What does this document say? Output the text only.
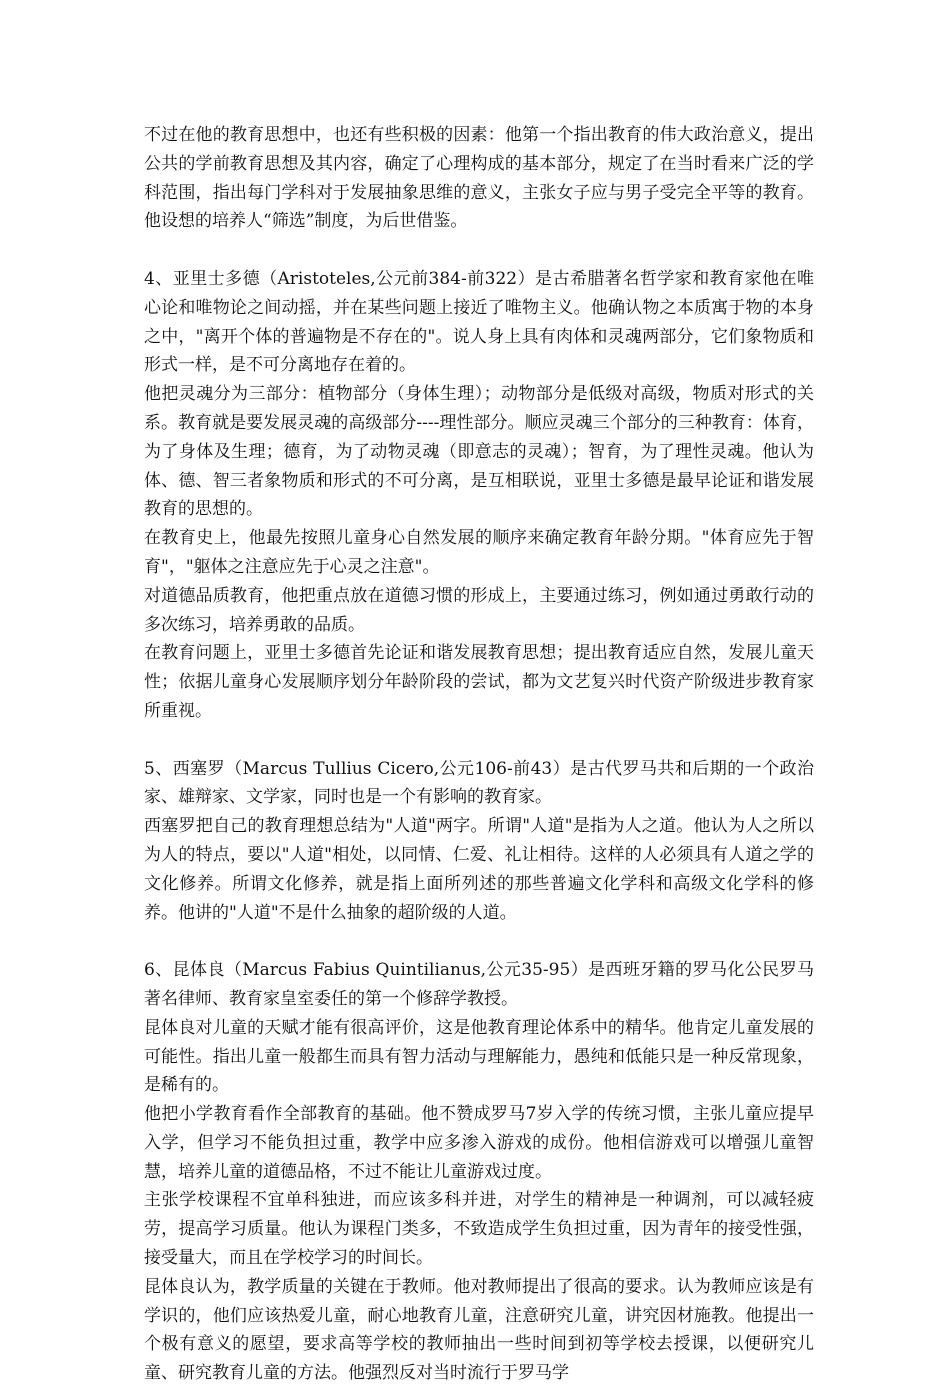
不过在他的教育思想中，也还有些积极的因素：他第一个指出教育的伟大政治意义，提出公共的学前教育思想及其内容，确定了心理构成的基本部分，规定了在当时看来广泛的学科范围，指出每门学科对于发展抽象思维的意义，主张女子应与男子受完全平等的教育。他设想的培养人“筛选”制度，为后世借鉴。

4、亚里士多德（Aristoteles,公元前384-前322）是古希腊著名哲学家和教育家他在唯心论和唯物论之间动摇，并在某些问题上接近了唯物主义。他确认物之本质寓于物的本身之中，"离开个体的普遍物是不存在的"。说人身上具有肉体和灵魂两部分，它们象物质和形式一样，是不可分离地存在着的。

他把灵魂分为三部分：植物部分（身体生理）；动物部分是低级对高级，物质对形式的关系。教育就是要发展灵魂的高级部分----理性部分。顺应灵魂三个部分的三种教育：体育，为了身体及生理；德育，为了动物灵魂（即意志的灵魂）；智育，为了理性灵魂。他认为体、德、智三者象物质和形式的不可分离，是互相联说，亚里士多德是最早论证和谐发展教育的思想的。

在教育史上，他最先按照儿童身心自然发展的顺序来确定教育年龄分期。"体育应先于智育"，"躯体之注意应先于心灵之注意"。

对道德品质教育，他把重点放在道德习惯的形成上，主要通过练习，例如通过勇敢行动的多次练习，培养勇敢的品质。

在教育问题上，亚里士多德首先论证和谐发展教育思想；提出教育适应自然，发展儿童天性；依据儿童身心发展顺序划分年龄阶段的尝试，都为文艺复兴时代资产阶级进步教育家所重视。

5、西塞罗（Marcus Tullius Cicero,公元106-前43）是古代罗马共和后期的一个政治家、雄辩家、文学家，同时也是一个有影响的教育家。

西塞罗把自己的教育理想总结为"人道"两字。所谓"人道"是指为人之道。他认为人之所以为人的特点，要以"人道"相处，以同情、仁爱、礼让相待。这样的人必须具有人道之学的文化修养。所谓文化修养，就是指上面所列述的那些普遍文化学科和高级文化学科的修养。他讲的"人道"不是什么抽象的超阶级的人道。

6、昆体良（Marcus Fabius Quintilianus,公元35-95）是西班牙籍的罗马化公民罗马著名律师、教育家皇室委任的第一个修辞学教授。

昆体良对儿童的天赋才能有很高评价，这是他教育理论体系中的精华。他肯定儿童发展的可能性。指出儿童一般都生而具有智力活动与理解能力，愚纯和低能只是一种反常现象，是稀有的。

他把小学教育看作全部教育的基础。他不赞成罗马7岁入学的传统习惯，主张儿童应提早入学，但学习不能负担过重，教学中应多渗入游戏的成份。他相信游戏可以增强儿童智慧，培养儿童的道德品格，不过不能让儿童游戏过度。

主张学校课程不宜单科独进，而应该多科并进，对学生的精神是一种调剂，可以减轻疲劳，提高学习质量。他认为课程门类多，不致造成学生负担过重，因为青年的接受性强，接受量大，而且在学校学习的时间长。

昆体良认为，教学质量的关键在于教师。他对教师提出了很高的要求。认为教师应该是有学识的，他们应该热爱儿童，耐心地教育儿童，注意研究儿童，讲究因材施教。他提出一个极有意义的愿望，要求高等学校的教师抽出一些时间到初等学校去授课，以便研究儿童、研究教育儿童的方法。他强烈反对当时流行于罗马学
